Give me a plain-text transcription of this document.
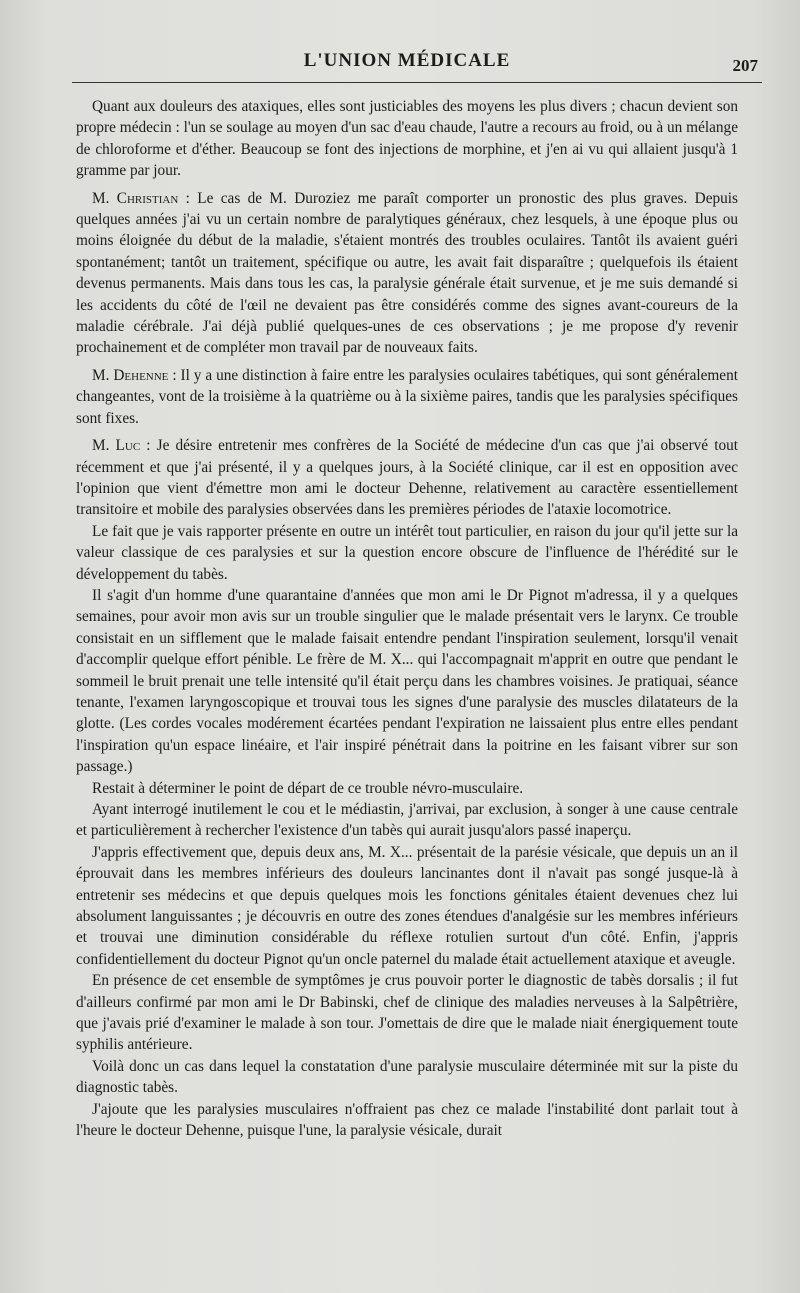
L'UNION MÉDICALE	207

Quant aux douleurs des ataxiques, elles sont justiciables des moyens les plus divers ; chacun devient son propre médecin : l'un se soulage au moyen d'un sac d'eau chaude, l'autre a recours au froid, ou à un mélange de chloroforme et d'éther. Beaucoup se font des injections de morphine, et j'en ai vu qui allaient jusqu'à 1 gramme par jour.

M. Christian : Le cas de M. Duroziez me paraît comporter un pronostic des plus graves. Depuis quelques années j'ai vu un certain nombre de paralytiques généraux, chez lesquels, à une époque plus ou moins éloignée du début de la maladie, s'étaient montrés des troubles oculaires. Tantôt ils avaient guéri spontanément; tantôt un traitement, spécifique ou autre, les avait fait disparaître ; quelquefois ils étaient devenus permanents. Mais dans tous les cas, la paralysie générale était survenue, et je me suis demandé si les accidents du côté de l'œil ne devaient pas être considérés comme des signes avant-coureurs de la maladie cérébrale. J'ai déjà publié quelques-unes de ces observations ; je me propose d'y revenir prochainement et de compléter mon travail par de nouveaux faits.

M. Dehenne : Il y a une distinction à faire entre les paralysies oculaires tabétiques, qui sont généralement changeantes, vont de la troisième à la quatrième ou à la sixième paires, tandis que les paralysies spécifiques sont fixes.

M. Luc : Je désire entretenir mes confrères de la Société de médecine d'un cas que j'ai observé tout récemment et que j'ai présenté, il y a quelques jours, à la Société clinique, car il est en opposition avec l'opinion que vient d'émettre mon ami le docteur Dehenne, relativement au caractère essentiellement transitoire et mobile des paralysies observées dans les premières périodes de l'ataxie locomotrice.

Le fait que je vais rapporter présente en outre un intérêt tout particulier, en raison du jour qu'il jette sur la valeur classique de ces paralysies et sur la question encore obscure de l'influence de l'hérédité sur le développement du tabès.

Il s'agit d'un homme d'une quarantaine d'années que mon ami le Dr Pignot m'adressa, il y a quelques semaines, pour avoir mon avis sur un trouble singulier que le malade présentait vers le larynx. Ce trouble consistait en un sifflement que le malade faisait entendre pendant l'inspiration seulement, lorsqu'il venait d'accomplir quelque effort pénible. Le frère de M. X... qui l'accompagnait m'apprit en outre que pendant le sommeil le bruit prenait une telle intensité qu'il était perçu dans les chambres voisines. Je pratiquai, séance tenante, l'examen laryngoscopique et trouvai tous les signes d'une paralysie des muscles dilatateurs de la glotte. (Les cordes vocales modérement écartées pendant l'expiration ne laissaient plus entre elles pendant l'inspiration qu'un espace linéaire, et l'air inspiré pénétrait dans la poitrine en les faisant vibrer sur son passage.)

Restait à déterminer le point de départ de ce trouble névro-musculaire.

Ayant interrogé inutilement le cou et le médiastin, j'arrivai, par exclusion, à songer à une cause centrale et particulièrement à rechercher l'existence d'un tabès qui aurait jusqu'alors passé inaperçu.

J'appris effectivement que, depuis deux ans, M. X... présentait de la parésie vésicale, que depuis un an il éprouvait dans les membres inférieurs des douleurs lancinantes dont il n'avait pas songé jusque-là à entretenir ses médecins et que depuis quelques mois les fonctions génitales étaient devenues chez lui absolument languissantes ; je découvris en outre des zones étendues d'analgésie sur les membres inférieurs et trouvai une diminution considérable du réflexe rotulien surtout d'un côté. Enfin, j'appris confidentiellement du docteur Pignot qu'un oncle paternel du malade était actuellement ataxique et aveugle.

En présence de cet ensemble de symptômes je crus pouvoir porter le diagnostic de tabès dorsalis ; il fut d'ailleurs confirmé par mon ami le Dr Babinski, chef de clinique des maladies nerveuses à la Salpêtrière, que j'avais prié d'examiner le malade à son tour. J'omettais de dire que le malade niait énergiquement toute syphilis antérieure.

Voilà donc un cas dans lequel la constatation d'une paralysie musculaire déterminée mit sur la piste du diagnostic tabès.

J'ajoute que les paralysies musculaires n'offraient pas chez ce malade l'instabilité dont parlait tout à l'heure le docteur Dehenne, puisque l'une, la paralysie vésicale, durait
